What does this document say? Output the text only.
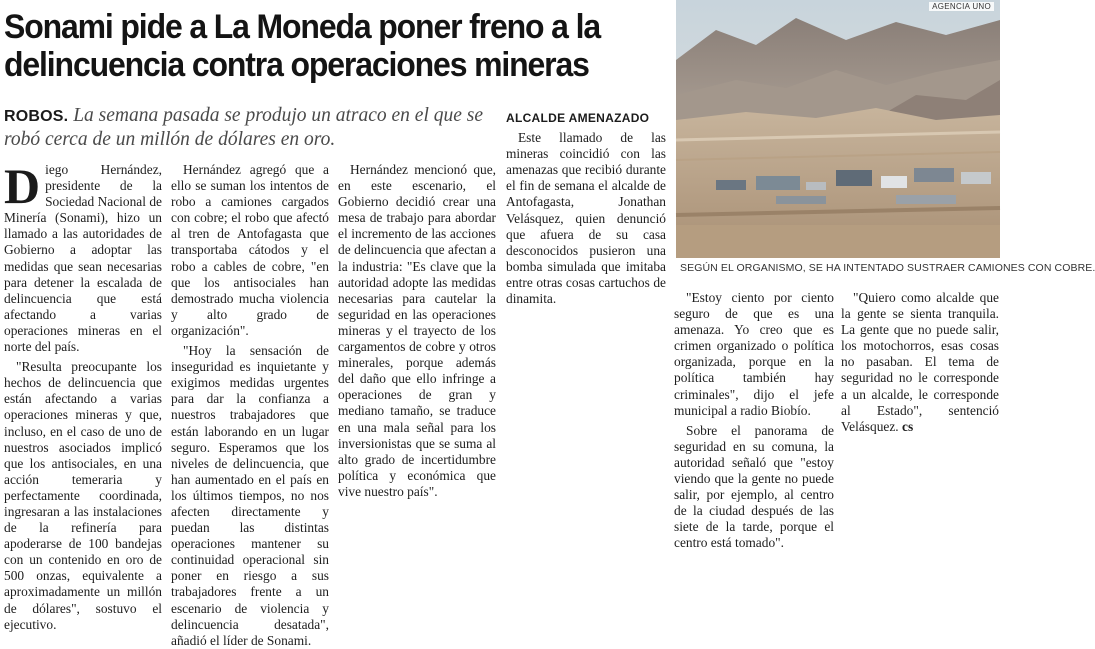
Sonami pide a La Moneda poner freno a la
delincuencia contra operaciones mineras

ROBOS. La semana pasada se produjo un atraco en el que se robó cerca de un millón de dólares en oro.

Diego Hernández, presidente de la Sociedad Nacional de Minería (Sonami), hizo un llamado a las autoridades de Gobierno a adoptar las medidas que sean necesarias para detener la escalada de delincuencia que está afectando a varias operaciones mineras en el norte del país.

"Resulta preocupante los hechos de delincuencia que están afectando a varias operaciones mineras y que, incluso, en el caso de uno de nuestros asociados implicó que los antisociales, en una acción temeraria y perfectamente coordinada, ingresaran a las instalaciones de la refinería para apoderarse de 100 bandejas con un contenido en oro de 500 onzas, equivalente a aproximadamente un millón de dólares", sostuvo el ejecutivo.

Hernández agregó que a ello se suman los intentos de robo a camiones cargados con cobre; el robo que afectó al tren de Antofagasta que transportaba cátodos y el robo a cables de cobre, "en que los antisociales han demostrado mucha violencia y alto grado de organización".

"Hoy la sensación de inseguridad es inquietante y exigimos medidas urgentes para dar la confianza a nuestros trabajadores que están laborando en un lugar seguro. Esperamos que los niveles de delincuencia, que han aumentado en el país en los últimos tiempos, no nos afecten directamente y puedan las distintas operaciones mantener su continuidad operacional sin poner en riesgo a sus trabajadores frente a un escenario de violencia y delincuencia desatada", añadió el líder de Sonami.

Hernández mencionó que, en este escenario, el Gobierno decidió crear una mesa de trabajo para abordar el incremento de las acciones de delincuencia que afectan a la industria: "Es clave que la autoridad adopte las medidas necesarias para cautelar la seguridad en las operaciones mineras y el trayecto de los cargamentos de cobre y otros minerales, porque además del daño que ello infringe a operaciones de gran y mediano tamaño, se traduce en una mala señal para los inversionistas que se suma al alto grado de incertidumbre política y económica que vive nuestro país".

ALCALDE AMENAZADO

Este llamado de las mineras coincidió con las amenazas que recibió durante el fin de semana el alcalde de Antofagasta, Jonathan Velásquez, quien denunció que afuera de su casa desconocidos pusieron una bomba simulada que imitaba entre otras cosas cartuchos de dinamita.	"Estoy ciento por ciento seguro de que es una amenaza. Yo creo que es crimen organizado o política organizada, porque en la política también hay criminales", dijo el jefe municipal a radio Biobío.

Sobre el panorama de seguridad en su comuna, la autoridad señaló que "estoy viendo que la gente no puede salir, por ejemplo, al centro de la ciudad después de las siete de la tarde, porque el centro está tomado".

"Quiero como alcalde que la gente se sienta tranquila. La gente que no puede salir, los motochorros, esas cosas no pasaban. El tema de seguridad no le corresponde a un alcalde, le corresponde al Estado", sentenció Velásquez. cs

AGENCIA UNO

SEGÚN EL ORGANISMO, SE HA INTENTADO SUSTRAER CAMIONES CON COBRE.
